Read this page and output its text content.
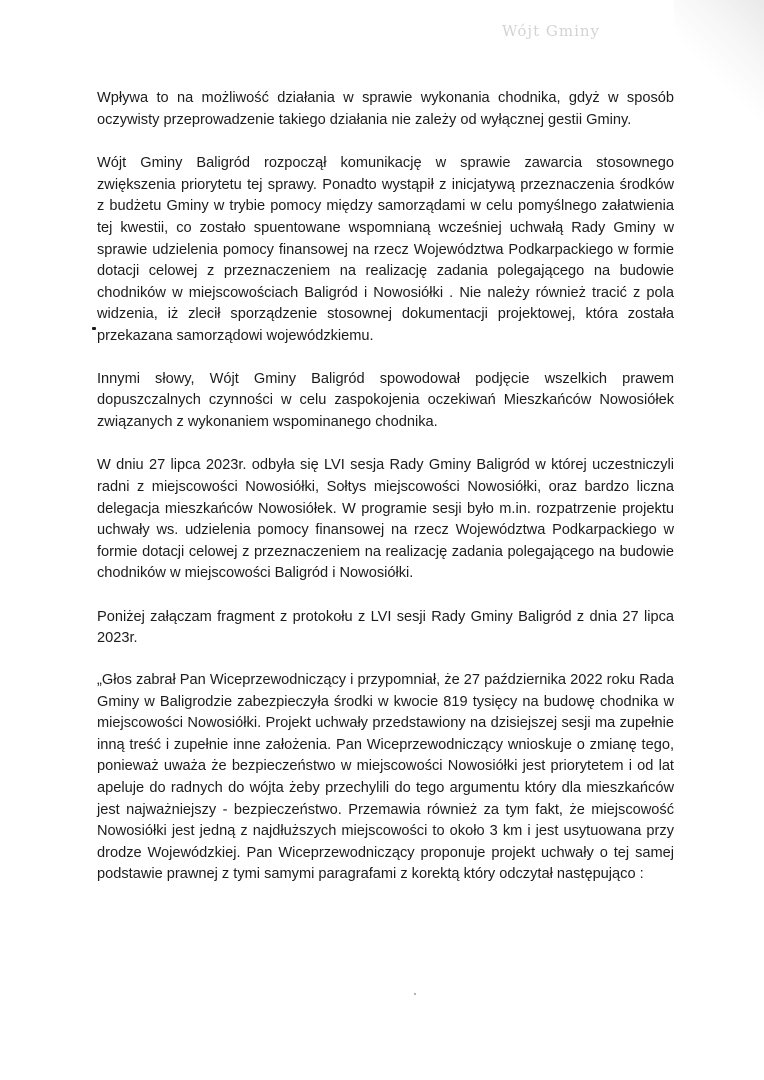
Wójt Gminy

Wpływa to na możliwość działania w sprawie wykonania chodnika, gdyż w sposób oczywisty przeprowadzenie takiego działania nie zależy od wyłącznej gestii Gminy.

Wójt Gminy Baligród rozpoczął komunikację w sprawie zawarcia stosownego zwiększenia priorytetu tej sprawy. Ponadto wystąpił z inicjatywą przeznaczenia środków z budżetu Gminy w trybie pomocy między samorządami w celu pomyślnego załatwienia tej kwestii, co zostało spuentowane wspomnianą wcześniej uchwałą Rady Gminy w sprawie udzielenia pomocy finansowej na rzecz Województwa Podkarpackiego w formie dotacji celowej z przeznaczeniem na realizację zadania polegającego na budowie chodników w miejscowościach Baligród i Nowosiółki . Nie należy również tracić z pola widzenia, iż zlecił sporządzenie stosownej dokumentacji projektowej, która została przekazana samorządowi wojewódzkiemu.

Innymi słowy, Wójt Gminy Baligród spowodował podjęcie wszelkich prawem dopuszczalnych czynności w celu zaspokojenia oczekiwań Mieszkańców Nowosiółek związanych z wykonaniem wspominanego chodnika.

W dniu 27 lipca 2023r. odbyła się LVI sesja Rady Gminy Baligród w której uczestniczyli radni z miejscowości Nowosiółki, Sołtys miejscowości Nowosiółki, oraz bardzo liczna delegacja mieszkańców Nowosiółek. W programie sesji było m.in. rozpatrzenie projektu uchwały ws. udzielenia pomocy finansowej na rzecz Województwa Podkarpackiego w formie dotacji celowej z przeznaczeniem na realizację zadania polegającego na budowie chodników w miejscowości Baligród i Nowosiółki.

Poniżej załączam fragment z protokołu z LVI sesji Rady Gminy Baligród z dnia 27 lipca 2023r.

„Głos zabrał Pan Wiceprzewodniczący i przypomniał, że 27 października 2022 roku Rada Gminy w Baligrodzie zabezpieczyła środki w kwocie 819 tysięcy na budowę chodnika w miejscowości Nowosiółki. Projekt uchwały przedstawiony na dzisiejszej sesji ma zupełnie inną treść i zupełnie inne założenia. Pan Wiceprzewodniczący wnioskuje o zmianę tego, ponieważ uważa że bezpieczeństwo w miejscowości Nowosiółki jest priorytetem i od lat apeluje do radnych do wójta żeby przechylili do tego argumentu który dla mieszkańców jest najważniejszy - bezpieczeństwo. Przemawia również za tym fakt, że miejscowość Nowosiółki jest jedną z najdłuższych miejscowości to około 3 km i jest usytuowana przy drodze Wojewódzkiej. Pan Wiceprzewodniczący proponuje projekt uchwały o tej samej podstawie prawnej z tymi samymi paragrafami z korektą który odczytał następująco :
